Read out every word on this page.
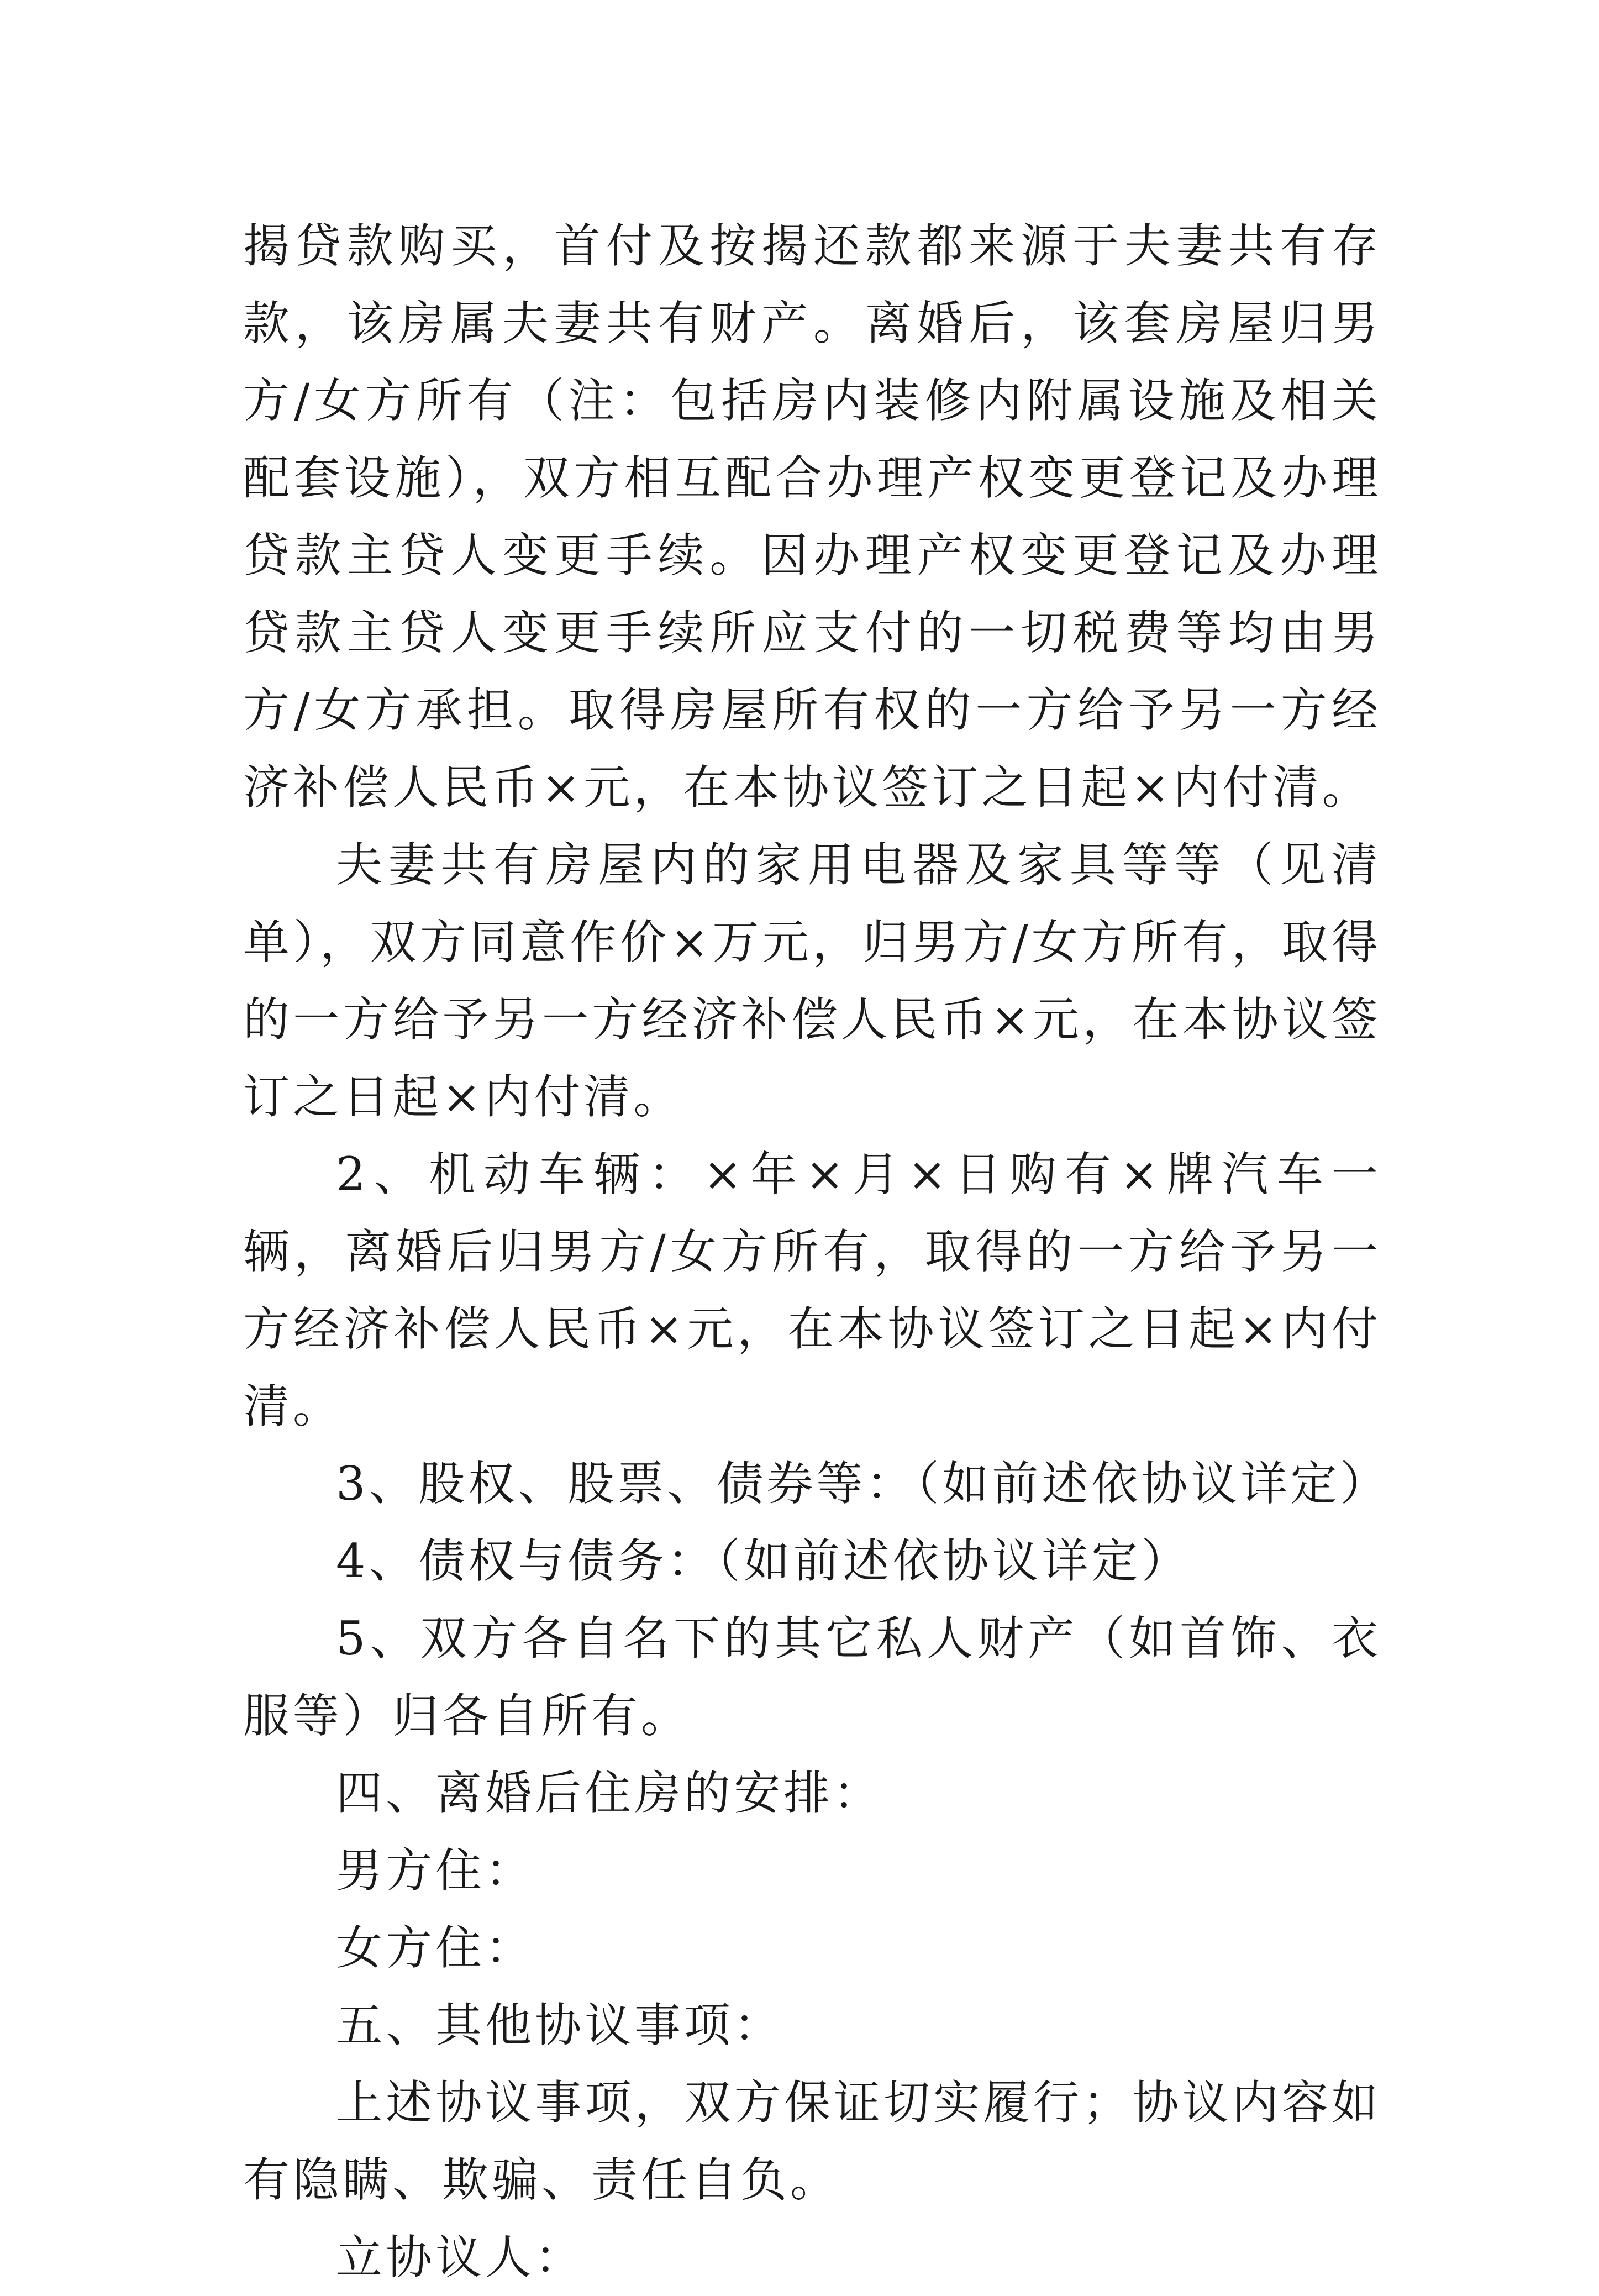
揭贷款购买，首付及按揭还款都来源于夫妻共有存款，该房属夫妻共有财产。离婚后，该套房屋归男方/女方所有（注：包括房内装修内附属设施及相关配套设施），双方相互配合办理产权变更登记及办理贷款主贷人变更手续。因办理产权变更登记及办理贷款主贷人变更手续所应支付的一切税费等均由男方/女方承担。取得房屋所有权的一方给予另一方经济补偿人民币×元，在本协议签订之日起×内付清。

夫妻共有房屋内的家用电器及家具等等（见清单），双方同意作价×万元，归男方/女方所有，取得的一方给予另一方经济补偿人民币×元，在本协议签订之日起×内付清。

2、机动车辆：×年×月×日购有×牌汽车一辆，离婚后归男方/女方所有，取得的一方给予另一方经济补偿人民币×元，在本协议签订之日起×内付清。

3、股权、股票、债券等：（如前述依协议详定）

4、债权与债务：（如前述依协议详定）

5、双方各自名下的其它私人财产（如首饰、衣服等）归各自所有。

四、离婚后住房的安排：

男方住：

女方住：

五、其他协议事项：

上述协议事项，双方保证切实履行；协议内容如有隐瞒、欺骗、责任自负。

立协议人：
